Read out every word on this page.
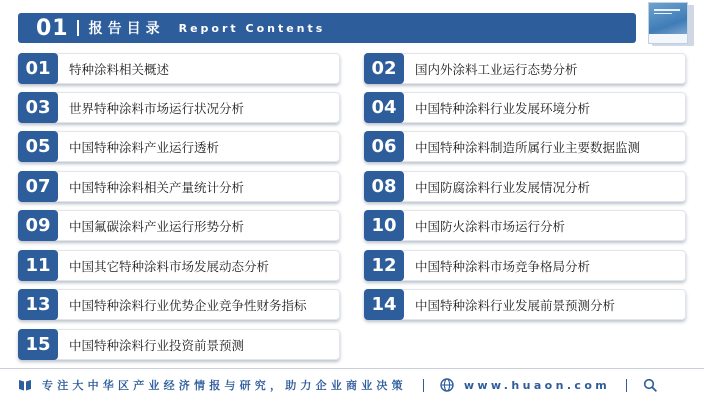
01 报告目录 Report Contents
01	特种涂料相关概述	02	国内外涂料工业运行态势分析
03	世界特种涂料市场运行状况分析	04	中国特种涂料行业发展环境分析
05	中国特种涂料产业运行透析	06	中国特种涂料制造所属行业主要数据监测
07	中国特种涂料相关产量统计分析	08	中国防腐涂料行业发展情况分析
09	中国氟碳涂料产业运行形势分析	10	中国防火涂料市场运行分析
11	中国其它特种涂料市场发展动态分析	12	中国特种涂料市场竞争格局分析
13	中国特种涂料行业优势企业竞争性财务指标	14	中国特种涂料行业发展前景预测分析
15	中国特种涂料行业投资前景预测
专注大中华区产业经济情报与研究，助力企业商业决策	www.huaon.com
